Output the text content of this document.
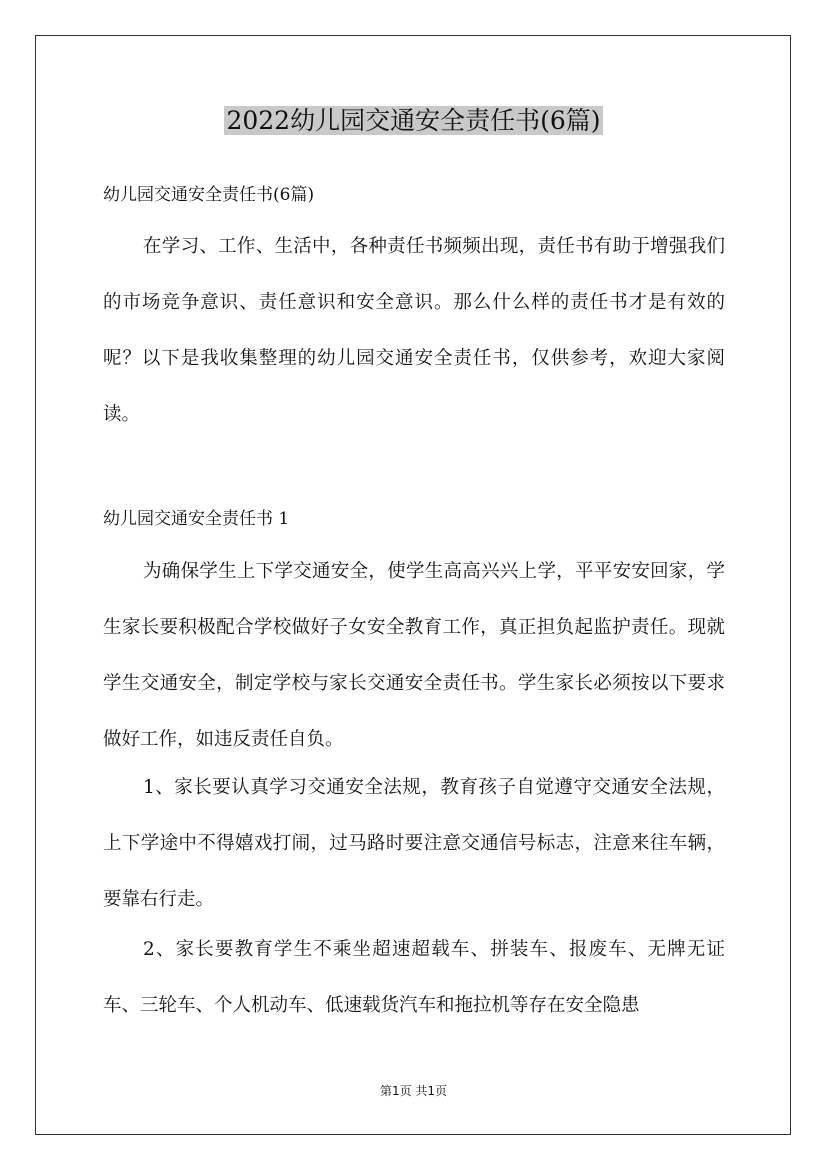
2022幼儿园交通安全责任书(6篇)
幼儿园交通安全责任书(6篇)
在学习、工作、生活中，各种责任书频频出现，责任书有助于增强我们的市场竞争意识、责任意识和安全意识。那么什么样的责任书才是有效的呢？以下是我收集整理的幼儿园交通安全责任书，仅供参考，欢迎大家阅读。
幼儿园交通安全责任书 1
为确保学生上下学交通安全，使学生高高兴兴上学，平平安安回家，学生家长要积极配合学校做好子女安全教育工作，真正担负起监护责任。现就学生交通安全，制定学校与家长交通安全责任书。学生家长必须按以下要求做好工作，如违反责任自负。
1、家长要认真学习交通安全法规，教育孩子自觉遵守交通安全法规，上下学途中不得嬉戏打闹，过马路时要注意交通信号标志，注意来往车辆，要靠右行走。
2、家长要教育学生不乘坐超速超载车、拼装车、报废车、无牌无证车、三轮车、个人机动车、低速载货汽车和拖拉机等存在安全隐患
第1页 共1页
